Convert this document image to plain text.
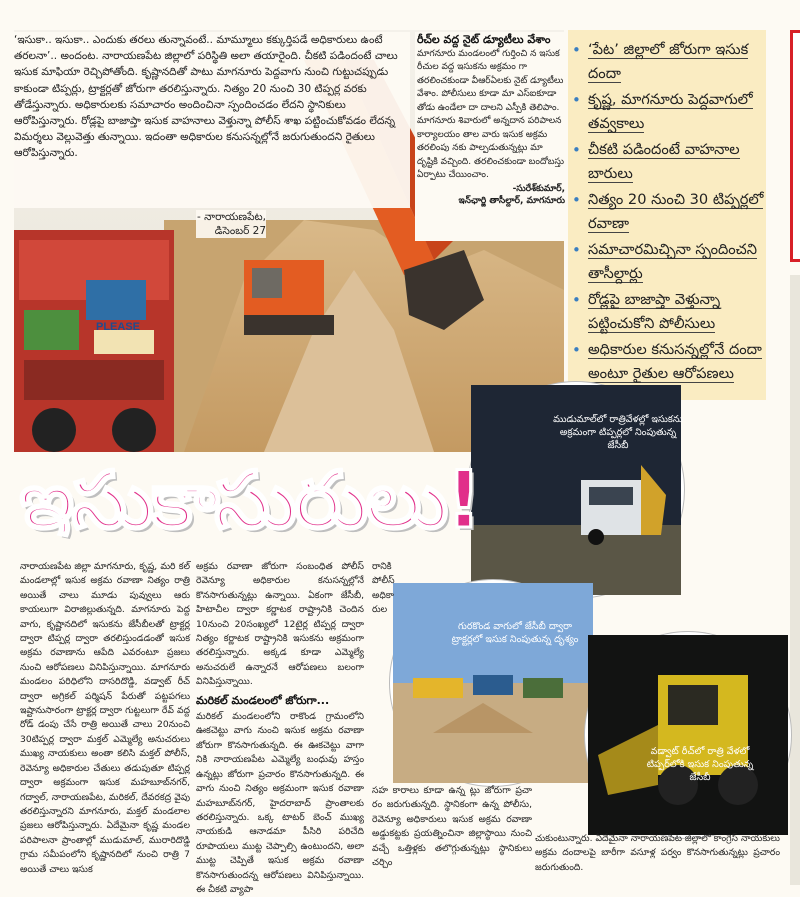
PLEASE

‘ఇసుకా.. ఇసుకా.. ఎందుకు తరలు తున్నావంటే.. మామ్మూలు కక్కుర్తిపడే అధికారులు ఉంటే తరలనా’.. అందంట. నారాయణపేట జిల్లాలో పరిస్థితి అలా తయారైంది. చీకటి పడిందంటే చాలు ఇసుక మాఫియా రెచ్చిపోతోంది. కృష్ణానదితో పాటు మాగనూరు పెద్దవాగు నుంచి గుట్టుచప్పుడు కాకుండా టిప్పర్లు, ట్రాక్టర్లతో జోరుగా తరలిస్తున్నారు. నిత్యం 20 నుంచి 30 టిప్పర్ల వరకు తోడేస్తున్నారు. అధికారులకు సమాచారం అందించినా స్పందించడం లేదని స్థానికులు ఆరోపిస్తున్నారు. రోడ్లపై బాజాప్తా ఇసుక వాహనాలు వెళ్తున్నా పోలీస్ శాఖ పట్టించుకోవడం లేదన్న విమర్శలు వెల్లువెత్తు తున్నాయి. ఇదంతా అధికారుల కనుసన్నల్లోనే జరుగుతుందని రైతులు ఆరోపిస్తున్నారు.

- నారాయణపేట,
డిసెంబర్ 27
రీచ్‌ల వద్ద నైట్ డ్యూటీలు వేశాం

మాగనూరు మండలంలో గుర్తించి న ఇసుక రీచుల వద్ద ఇసుకను అక్రమం గా తరలించకుండా వీఆర్ఏలకు నైట్ డ్యూటీలు వేశాం. పోలీసులు కూడా మా ఎస్ఐకూడా తోడు ఉండేలా దా దాలని ఎస్పీకి తెలిపాం. మాగనూరు శివారులో అన్నదాన పరిపాలన కార్యాలయం తాల వారు ఇసుక అక్రమ తరలింపు నకు పాల్పడుతున్నట్లు మా దృష్టికి వచ్చింది. తరలించకుండా బందోబస్తు ఏర్పాటు చేయించాం.

-సురేశ్‌కుమార్,
ఇన్‌ఛార్జి తాసీల్దార్, మాగనూరు
• ‘పేట’ జిల్లాలో జోరుగా ఇసుక దందా
• కృష్ణ, మాగనూరు పెద్దవాగులో తవ్వకాలు
• చీకటి పడిందంటే వాహనాల బారులు
• నిత్యం 20 నుంచి 30 టిప్పర్లలో రవాణా
• సమాచారమిచ్చినా స్పందించని తాసీల్దార్లు
• రోడ్లపై బాజాప్తా వెళ్తున్నా పట్టించుకోని పోలీసులు
• అధికారుల కనుసన్నల్లోనే దందా అంటూ రైతుల ఆరోపణలు
ముడుమాల్‌లో రాత్రివేళల్లో ఇసుకను అక్రమంగా టిప్పర్లలో నింపుతున్న జేసీబీ
గురకొండ వాగులో జేసీబీ ద్వారా ట్రాక్టర్లలో ఇసుక నింపుతున్న దృశ్యం
వడ్వాట్ రీచ్‌లో రాత్రి వేళలో టిప్పర్‌లోకి ఇసుక నింపుతున్న జేసీబీ
ఇసుకాసురులు!

నారాయణపేట జిల్లా మాగనూరు, కృష్ణ, మరి కల్ మండలాల్లో ఇసుక అక్రమ రవాణా నిత్యం రాత్రి అయితే చాలు మూడు పువ్వులు ఆరు కాయలుగా విరాజిల్లుతున్నది. మాగనూరు పెద్ద వాగు, కృష్ణానదిలో ఇసుకను జేసీబీలతో ట్రాక్టర్ల ద్వారా టిప్పర్ల ద్వారా తరలిస్తుండడంతో ఇసుక అక్రమ రవాణాను ఆపేది ఎవరంటూ ప్రజలు నుంచి ఆరోపణలు వినిపిస్తున్నాయి. మాగనూరు మండలం పరిధిలోని దాసరిదొడ్డి, వడ్వాట్ రీచ్ ద్వారా అగ్రికల్ పర్మిషన్ పేరుతో పట్టపగలు ఇష్టానుసారంగా ట్రాక్టర్ల ద్వారా గుట్టలుగా రేవ్ వద్ద రోడ్ డంపు చేసే రాత్రి అయితే చాలు 20నుంచి 30టిప్పర్ల ద్వారా మక్తల్ ఎమ్మెల్యే అనుచరులు ముఖ్య నాయకులు అంతా కలిసి మక్తల్ పోలీస్, రెవెన్యూ అధికారుల చేతులు తడుపుతూ టిప్పర్ల ద్వారా అక్రమంగా ఇసుక మహబూబ్‌నగర్, గద్వాల్, నారాయణపేట, మరికల్, దేవరకద్ర వైపు తరలిస్తున్నారని మాగనూరు, మక్తల్ మండలాల ప్రజలు ఆరోపిస్తున్నారు. ఏదేమైనా కృష్ణ మండల పరిపాలనా ప్రాంతాల్లో ముడుమాల్, మురారిదొడ్డి గ్రామ సమీపంలోని కృష్ణానదిలో నుంచి రాత్రి 7 అయితే చాలు ఇసుక

అక్రమ రవాణా జోరుగా సంబంధిత పోలీస్ రెవెన్యూ అధికారుల కనుసన్నల్లోనే కొనసాగుతున్నట్లు ఉన్నాయి. ఏకంగా జేసీబీ, హిటాచీల ద్వారా కర్ణాటక రాష్ట్రానికి చెందిన 10నుంచి 20సంఖ్యలో 12టైర్ల టిప్పర్ల ద్వారా నిత్యం కర్ణాటక రాష్ట్రానికి ఇసుకను అక్రమంగా తరలిస్తున్నారు. అక్కడ కూడా ఎమ్మెల్యే అనుచరులే ఉన్నారనే ఆరోపణలు బలంగా వినిపిస్తున్నాయి.

మరికల్ మండలంలో జోరుగా...

మరికల్ మండలంలోని రాకొండ గ్రామంలోని ఊకచెట్టు వాగు నుంచి ఇసుక అక్రమ రవాణా జోరుగా కొనసాగుతున్నది. ఈ ఊకచెట్టు వాగా నికి నారాయణపేట ఎమ్మెల్యే బంధువు హస్తం ఉన్నట్లు జోరుగా ప్రచారం కొనసాగుతున్నది. ఈ వాగు నుంచి నిత్యం అక్రమంగా ఇసుక రవాణా మహబూబ్‌నగర్, హైదరాబాద్ ప్రాంతాలకు తరలిస్తున్నారు. ఒక్క టాటర్ బెంచ్ ముఖ్య నాయకుడి ఆనాడమా పీసిరి పరిచేది రూపాయలు ముట్ట చెప్పాల్సి ఉంటుందని, అలా ముట్ట చెప్పితే ఇసుక అక్రమ రవాణా కొనసాగుతుందన్న ఆరోపణలు వినిపిస్తున్నాయి. ఈ చీకటి వ్యాపా

రానికి పోలీస్ అధికా రుల

సహ కారాలు కూడా ఉన్న ట్లు జోరుగా ప్రచా రం జరుగుతున్నది. స్థానికంగా ఉన్న పోలీసు, రెవెన్యూ అధికారులు ఇసుక అక్రమ రవాణా అడ్డుకట్టకు ప్రయత్నించినా జిల్లాస్థాయి నుంచి వచ్చే ఒత్తిళ్లకు తలొగ్గుతున్నట్లు స్థానికులు చర్చిం

చుకుంటున్నారు. ఏదేమైనా నారాయణపేట జిల్లాలో కాంగ్రెస్ నాయకులు అక్రమ దందాలపై బారీగా వసూళ్ల పర్వం కొనసాగుతున్నట్లు ప్రచారం జరుగుతుంది.
